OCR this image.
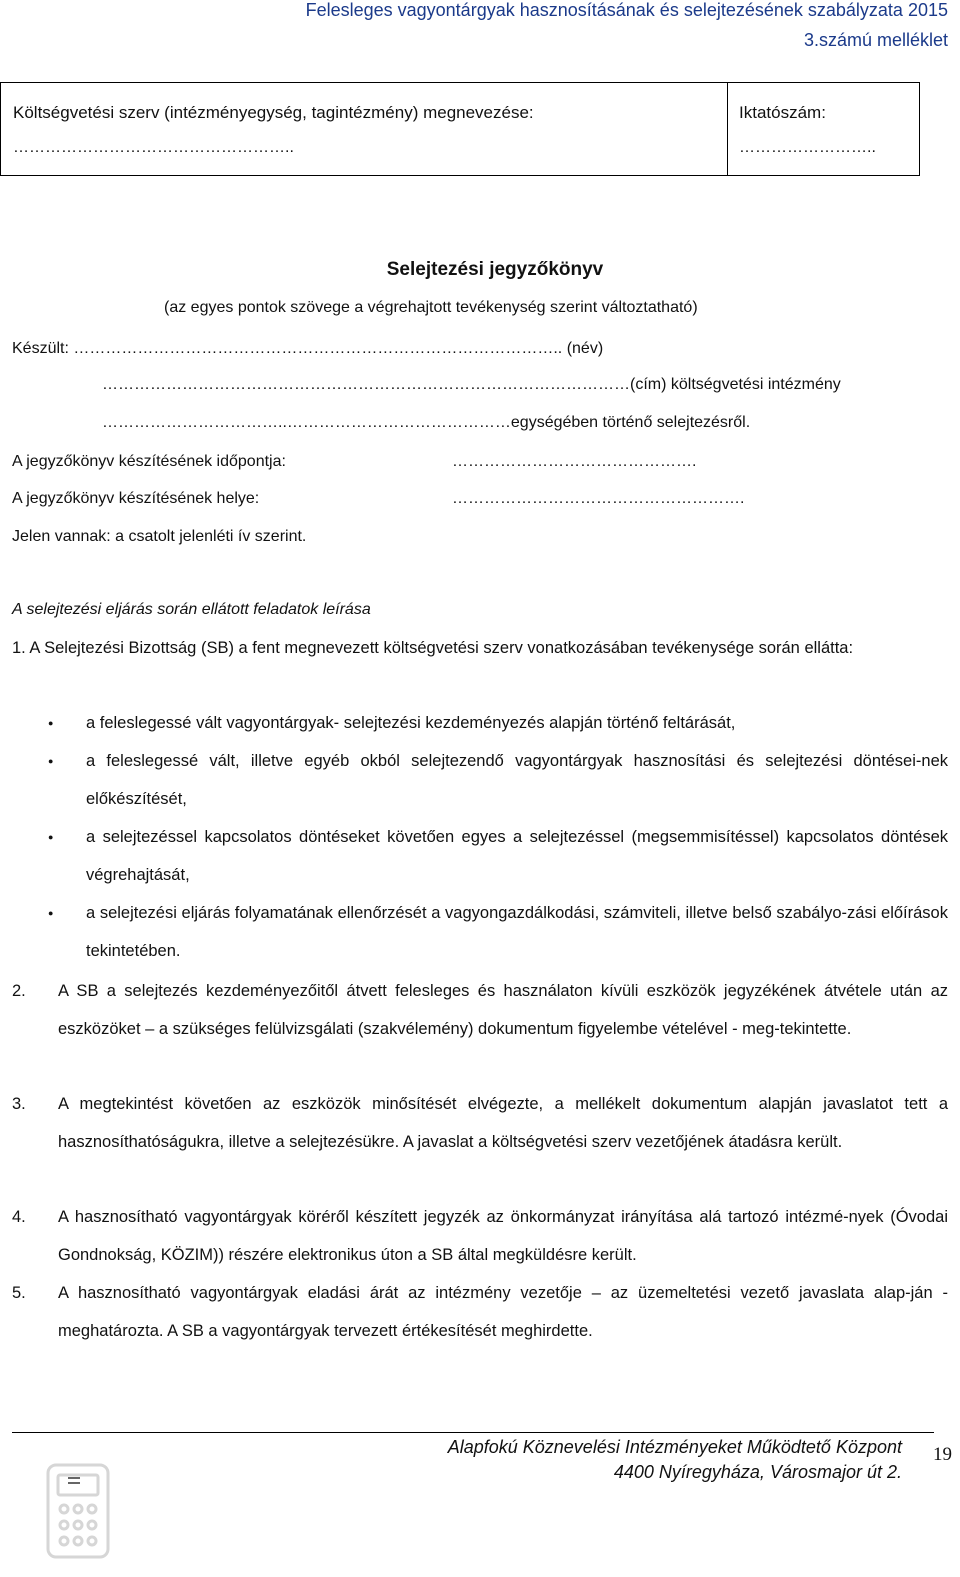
Felesleges vagyontárgyak hasznosításának és selejtezésének szabályzata 2015
3.számú melléklet
Költségvetési szerv (intézményegység, tagintézmény) megnevezése:
……………………………………………..
Iktatószám:
……………………..
Selejtezési jegyzőkönyv
(az egyes pontok szövege a végrehajtott tevékenység szerint változtatható)
Készült: ……………………………………………………………………………….. (név)
………………………………………………………………………………………(cím) költségvetési intézmény
……………………………..……………………………………egységében történő selejtezésről.
A jegyzőkönyv készítésének időpontja:	……………………………………….
A jegyzőkönyv készítésének helye:	……………………………………………….
Jelen vannak: a csatolt jelenléti ív szerint.
A selejtezési eljárás során ellátott feladatok leírása
1. A Selejtezési Bizottság (SB) a fent megnevezett költségvetési szerv vonatkozásában tevékenysége során ellátta:
● a feleslegessé vált vagyontárgyak- selejtezési kezdeményezés alapján történő feltárását,
● a feleslegessé vált, illetve egyéb okból selejtezendő vagyontárgyak hasznosítási és selejtezési döntései-nek előkészítését,
● a selejtezéssel kapcsolatos döntéseket követően egyes a selejtezéssel (megsemmisítéssel) kapcsolatos döntések végrehajtását,
● a selejtezési eljárás folyamatának ellenőrzését a vagyongazdálkodási, számviteli, illetve belső szabályo-zási előírások tekintetében.
2. A SB a selejtezés kezdeményezőitől átvett felesleges és használaton kívüli eszközök jegyzékének átvétele után az eszközöket – a szükséges felülvizsgálati (szakvélemény) dokumentum figyelembe vételével - meg-tekintette.
3. A megtekintést követően az eszközök minősítését elvégezte, a mellékelt dokumentum alapján javaslatot tett a hasznosíthatóságukra, illetve a selejtezésükre. A javaslat a költségvetési szerv vezetőjének átadásra került.
4. A hasznosítható vagyontárgyak köréről készített jegyzék az önkormányzat irányítása alá tartozó intézmé-nyek (Óvodai Gondnokság, KÖZIM)) részére elektronikus úton a SB által megküldésre került.
5. A hasznosítható vagyontárgyak eladási árát az intézmény vezetője – az üzemeltetési vezető javaslata alap-ján - meghatározta. A SB a vagyontárgyak tervezett értékesítését meghirdette.
Alapfokú Köznevelési Intézményeket Működtető Központ
4400 Nyíregyháza, Városmajor út 2.
19
